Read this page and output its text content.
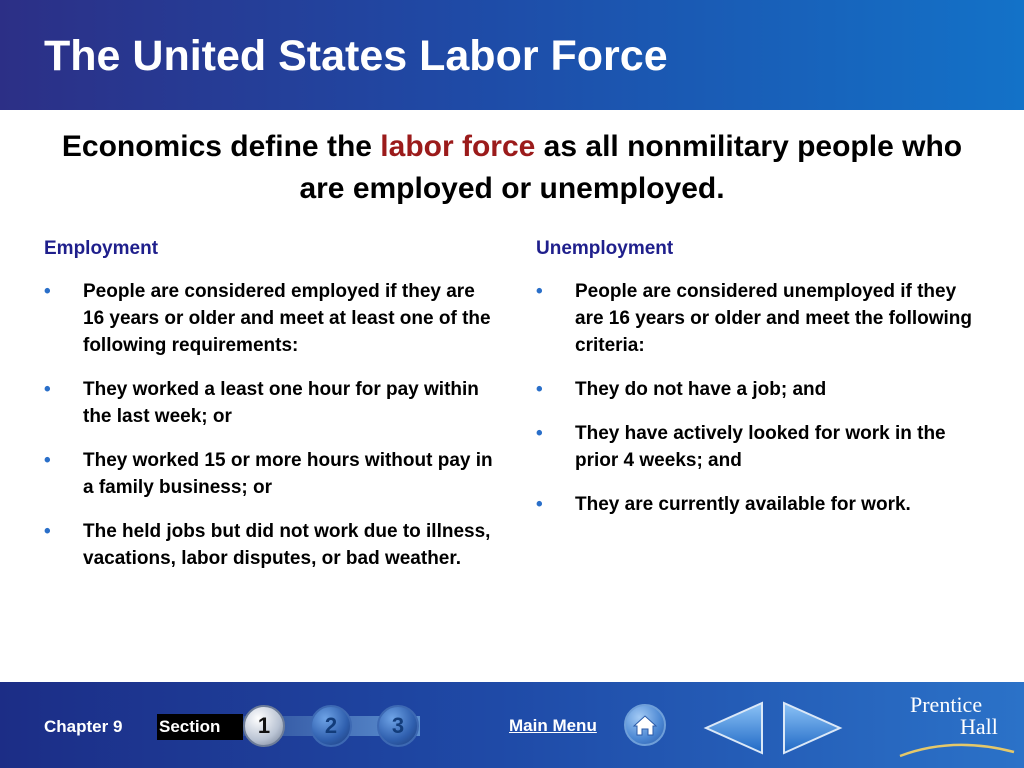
The United States Labor Force
Economics define the labor force as all nonmilitary people who are employed or unemployed.
Employment
• People are considered employed if they are 16 years or older and meet at least one of the following requirements:
• They worked a least one hour for pay within the last week; or
• They worked 15 or more hours without pay in a family business; or
• The held jobs but did not work due to illness, vacations, labor disputes, or bad weather.
Unemployment
• People are considered unemployed if they are 16 years or older and meet the following criteria:
• They do not have a job; and
• They have actively looked for work in the prior 4 weeks; and
• They are currently available for work.
Chapter 9 Section	1	2	3	Main Menu
Prentice
Hall
